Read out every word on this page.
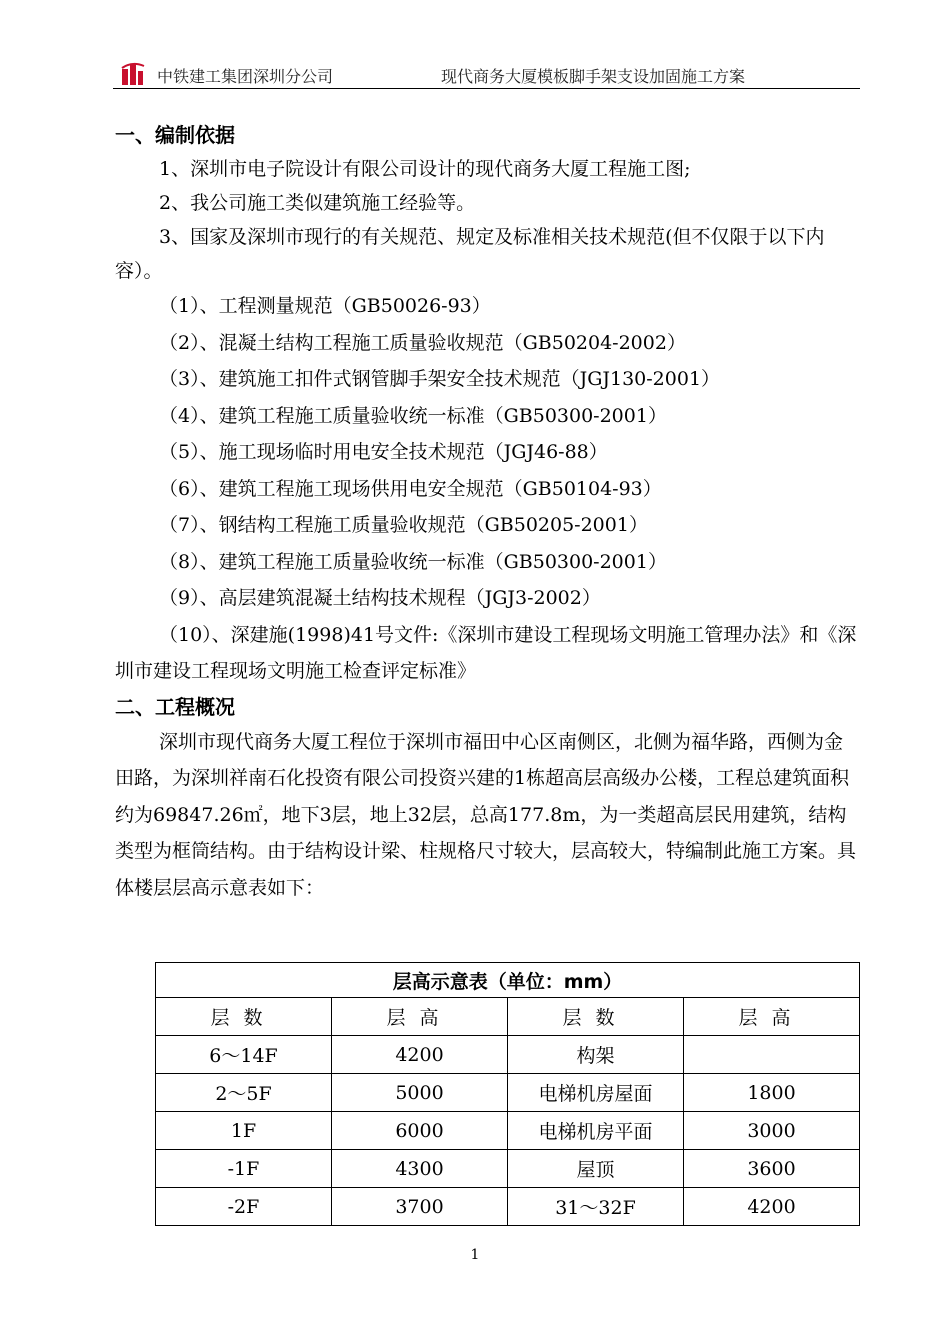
中铁建工集团深圳分公司	现代商务大厦模板脚手架支设加固施工方案
一、编制依据
1、深圳市电子院设计有限公司设计的现代商务大厦工程施工图;
2、我公司施工类似建筑施工经验等。
3、国家及深圳市现行的有关规范、规定及标准相关技术规范(但不仅限于以下内容）。
（1）、工程测量规范（GB50026-93）
（2）、混凝土结构工程施工质量验收规范（GB50204-2002）
（3）、建筑施工扣件式钢管脚手架安全技术规范（JGJ130-2001）
（4）、建筑工程施工质量验收统一标准（GB50300-2001）
（5）、施工现场临时用电安全技术规范（JGJ46-88）
（6）、建筑工程施工现场供用电安全规范（GB50104-93）
（7）、钢结构工程施工质量验收规范（GB50205-2001）
（8）、建筑工程施工质量验收统一标准（GB50300-2001）
（9）、高层建筑混凝土结构技术规程（JGJ3-2002）
（10）、深建施(1998)41号文件:《深圳市建设工程现场文明施工管理办法》和《深圳市建设工程现场文明施工检查评定标准》
二、工程概况
深圳市现代商务大厦工程位于深圳市福田中心区南侧区，北侧为福华路，西侧为金田路，为深圳祥南石化投资有限公司投资兴建的1栋超高层高级办公楼，工程总建筑面积约为69847.26㎡，地下3层，地上32层，总高177.8m，为一类超高层民用建筑，结构类型为框筒结构。由于结构设计梁、柱规格尺寸较大，层高较大，特编制此施工方案。具体楼层层高示意表如下：
层高示意表（单位：mm）			
层数	层高	层数	层高
6～14F	4200	构架	
2～5F	5000	电梯机房屋面	1800
1F	6000	电梯机房平面	3000
-1F	4300	屋顶	3600
-2F	3700	31～32F	4200
1
